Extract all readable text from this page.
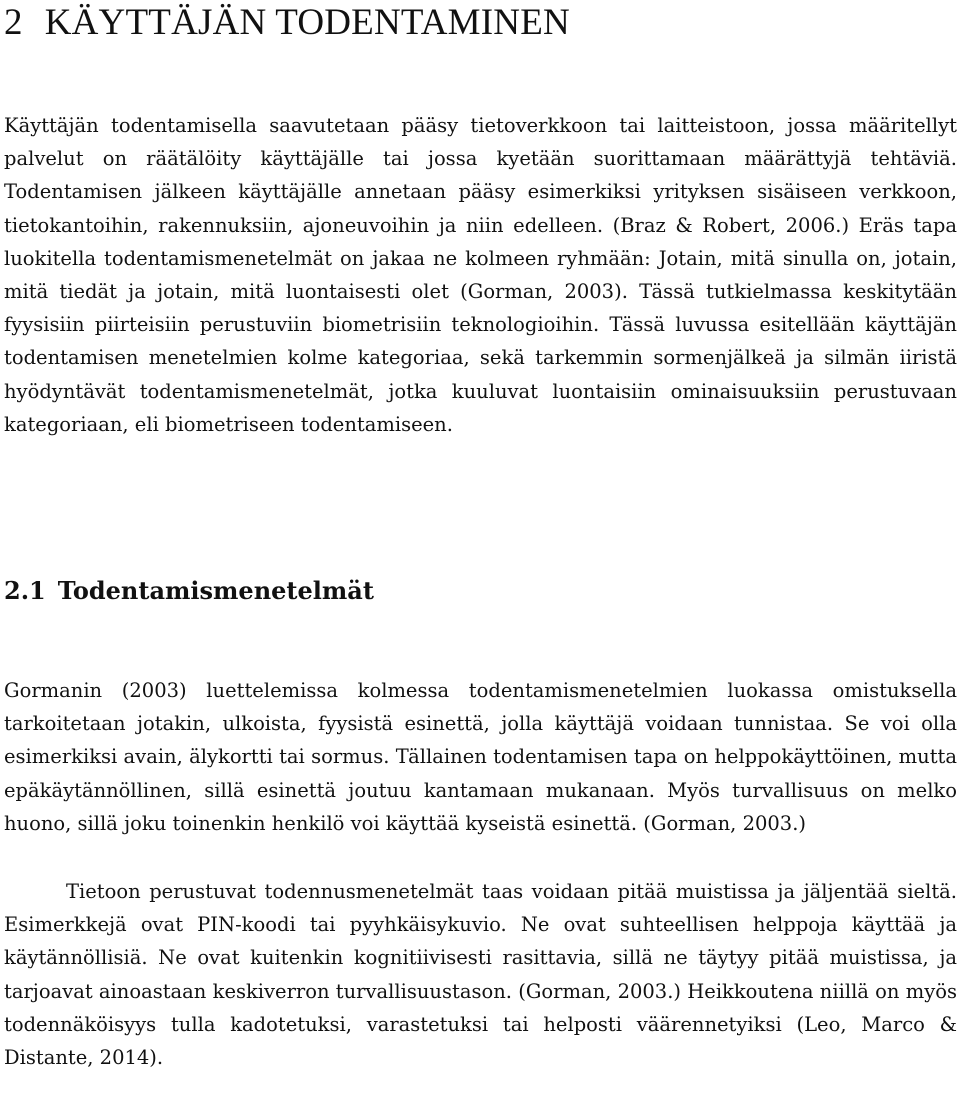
2 KÄYTTÄJÄN TODENTAMINEN

Käyttäjän todentamisella saavutetaan pääsy tietoverkkoon tai laitteistoon, jossa määritellyt palvelut on räätälöity käyttäjälle tai jossa kyetään suorittamaan määrättyjä tehtäviä. Todentamisen jälkeen käyttäjälle annetaan pääsy esimerkiksi yrityksen sisäiseen verkkoon, tietokantoihin, rakennuksiin, ajoneuvoihin ja niin edelleen. (Braz & Robert, 2006.) Eräs tapa luokitella todentamismenetelmät on jakaa ne kolmeen ryhmään: Jotain, mitä sinulla on, jotain, mitä tiedät ja jotain, mitä luontaisesti olet (Gorman, 2003). Tässä tutkielmassa keskitytään fyysisiin piirteisiin perustuviin biometrisiin teknologioihin. Tässä luvussa esitellään käyttäjän todentamisen menetelmien kolme kategoriaa, sekä tarkemmin sormenjälkeä ja silmän iiristä hyödyntävät todentamismenetelmät, jotka kuuluvat luontaisiin ominaisuuksiin perustuvaan kategoriaan, eli biometriseen todentamiseen.

2.1 Todentamismenetelmät

Gormanin (2003) luettelemissa kolmessa todentamismenetelmien luokassa omistuksella tarkoitetaan jotakin, ulkoista, fyysistä esinettä, jolla käyttäjä voidaan tunnistaa. Se voi olla esimerkiksi avain, älykortti tai sormus. Tällainen todentamisen tapa on helppokäyttöinen, mutta epäkäytännöllinen, sillä esinettä joutuu kantamaan mukanaan. Myös turvallisuus on melko huono, sillä joku toinenkin henkilö voi käyttää kyseistä esinettä. (Gorman, 2003.)

Tietoon perustuvat todennusmenetelmät taas voidaan pitää muistissa ja jäljentää sieltä. Esimerkkejä ovat PIN-koodi tai pyyhkäisykuvio. Ne ovat suhteellisen helppoja käyttää ja käytännöllisiä. Ne ovat kuitenkin kognitiivisesti rasittavia, sillä ne täytyy pitää muistissa, ja tarjoavat ainoastaan keskiverron turvallisuustason. (Gorman, 2003.) Heikkoutena niillä on myös todennäköisyys tulla kadotetuksi, varastetuksi tai helposti väärennetyiksi (Leo, Marco & Distante, 2014).
